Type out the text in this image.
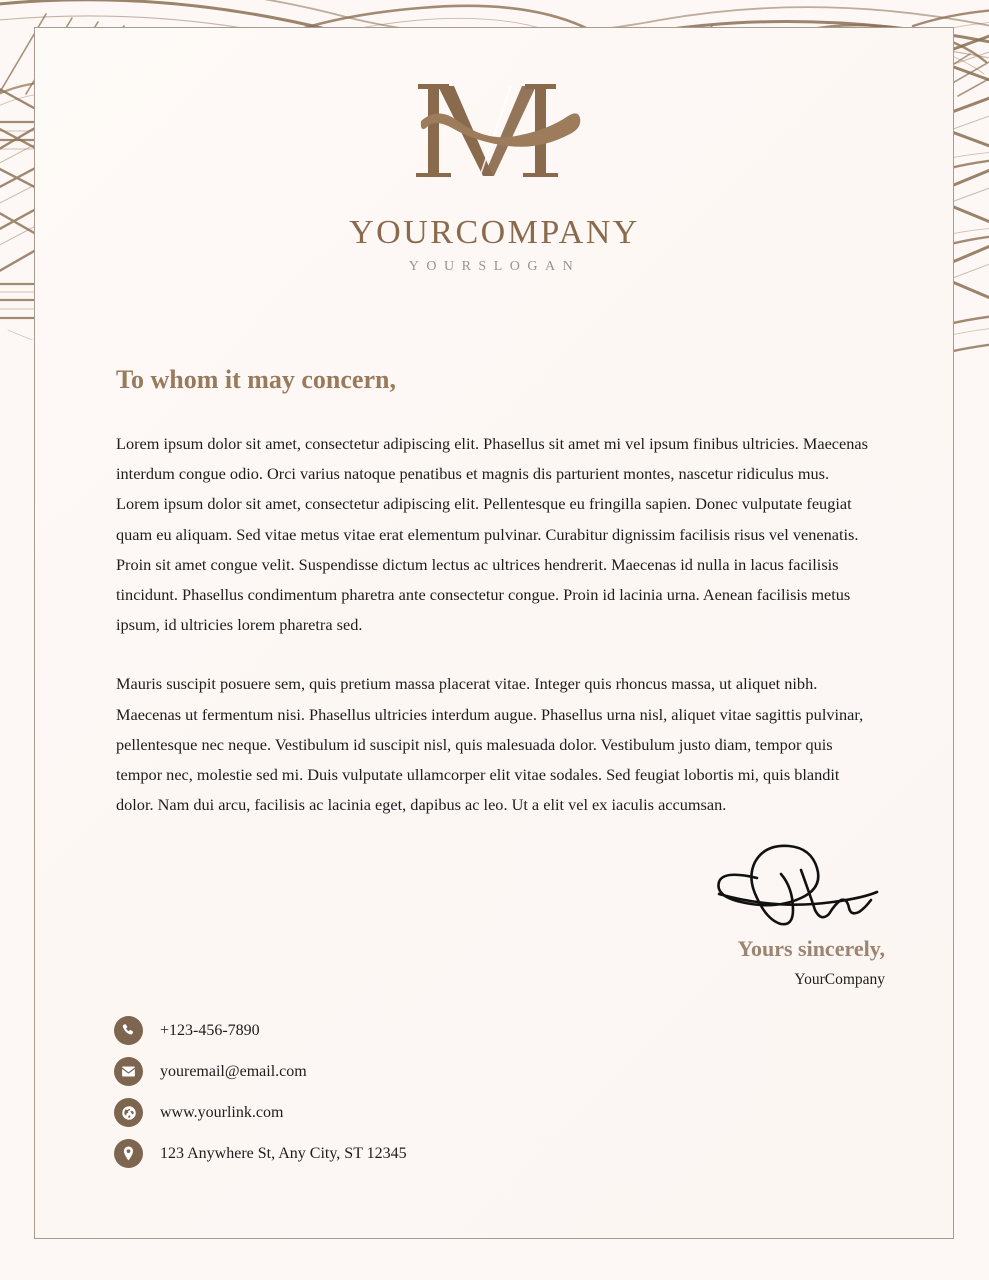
YOURCOMPANY
YOURSLOGAN
To whom it may concern,

Lorem ipsum dolor sit amet, consectetur adipiscing elit. Phasellus sit amet mi vel ipsum finibus ultricies. Maecenas interdum congue odio. Orci varius natoque penatibus et magnis dis parturient montes, nascetur ridiculus mus. Lorem ipsum dolor sit amet, consectetur adipiscing elit. Pellentesque eu fringilla sapien. Donec vulputate feugiat quam eu aliquam. Sed vitae metus vitae erat elementum pulvinar. Curabitur dignissim facilisis risus vel venenatis. Proin sit amet congue velit. Suspendisse dictum lectus ac ultrices hendrerit. Maecenas id nulla in lacus facilisis tincidunt. Phasellus condimentum pharetra ante consectetur congue. Proin id lacinia urna. Aenean facilisis metus ipsum, id ultricies lorem pharetra sed.

Mauris suscipit posuere sem, quis pretium massa placerat vitae. Integer quis rhoncus massa, ut aliquet nibh. Maecenas ut fermentum nisi. Phasellus ultricies interdum augue. Phasellus urna nisl, aliquet vitae sagittis pulvinar, pellentesque nec neque. Vestibulum id suscipit nisl, quis malesuada dolor. Vestibulum justo diam, tempor quis tempor nec, molestie sed mi. Duis vulputate ullamcorper elit vitae sodales. Sed feugiat lobortis mi, quis blandit dolor. Nam dui arcu, facilisis ac lacinia eget, dapibus ac leo. Ut a elit vel ex iaculis accumsan.

Yours sincerely,
YourCompany
+123-456-7890
youremail@email.com
www.yourlink.com
123 Anywhere St, Any City, ST 12345
